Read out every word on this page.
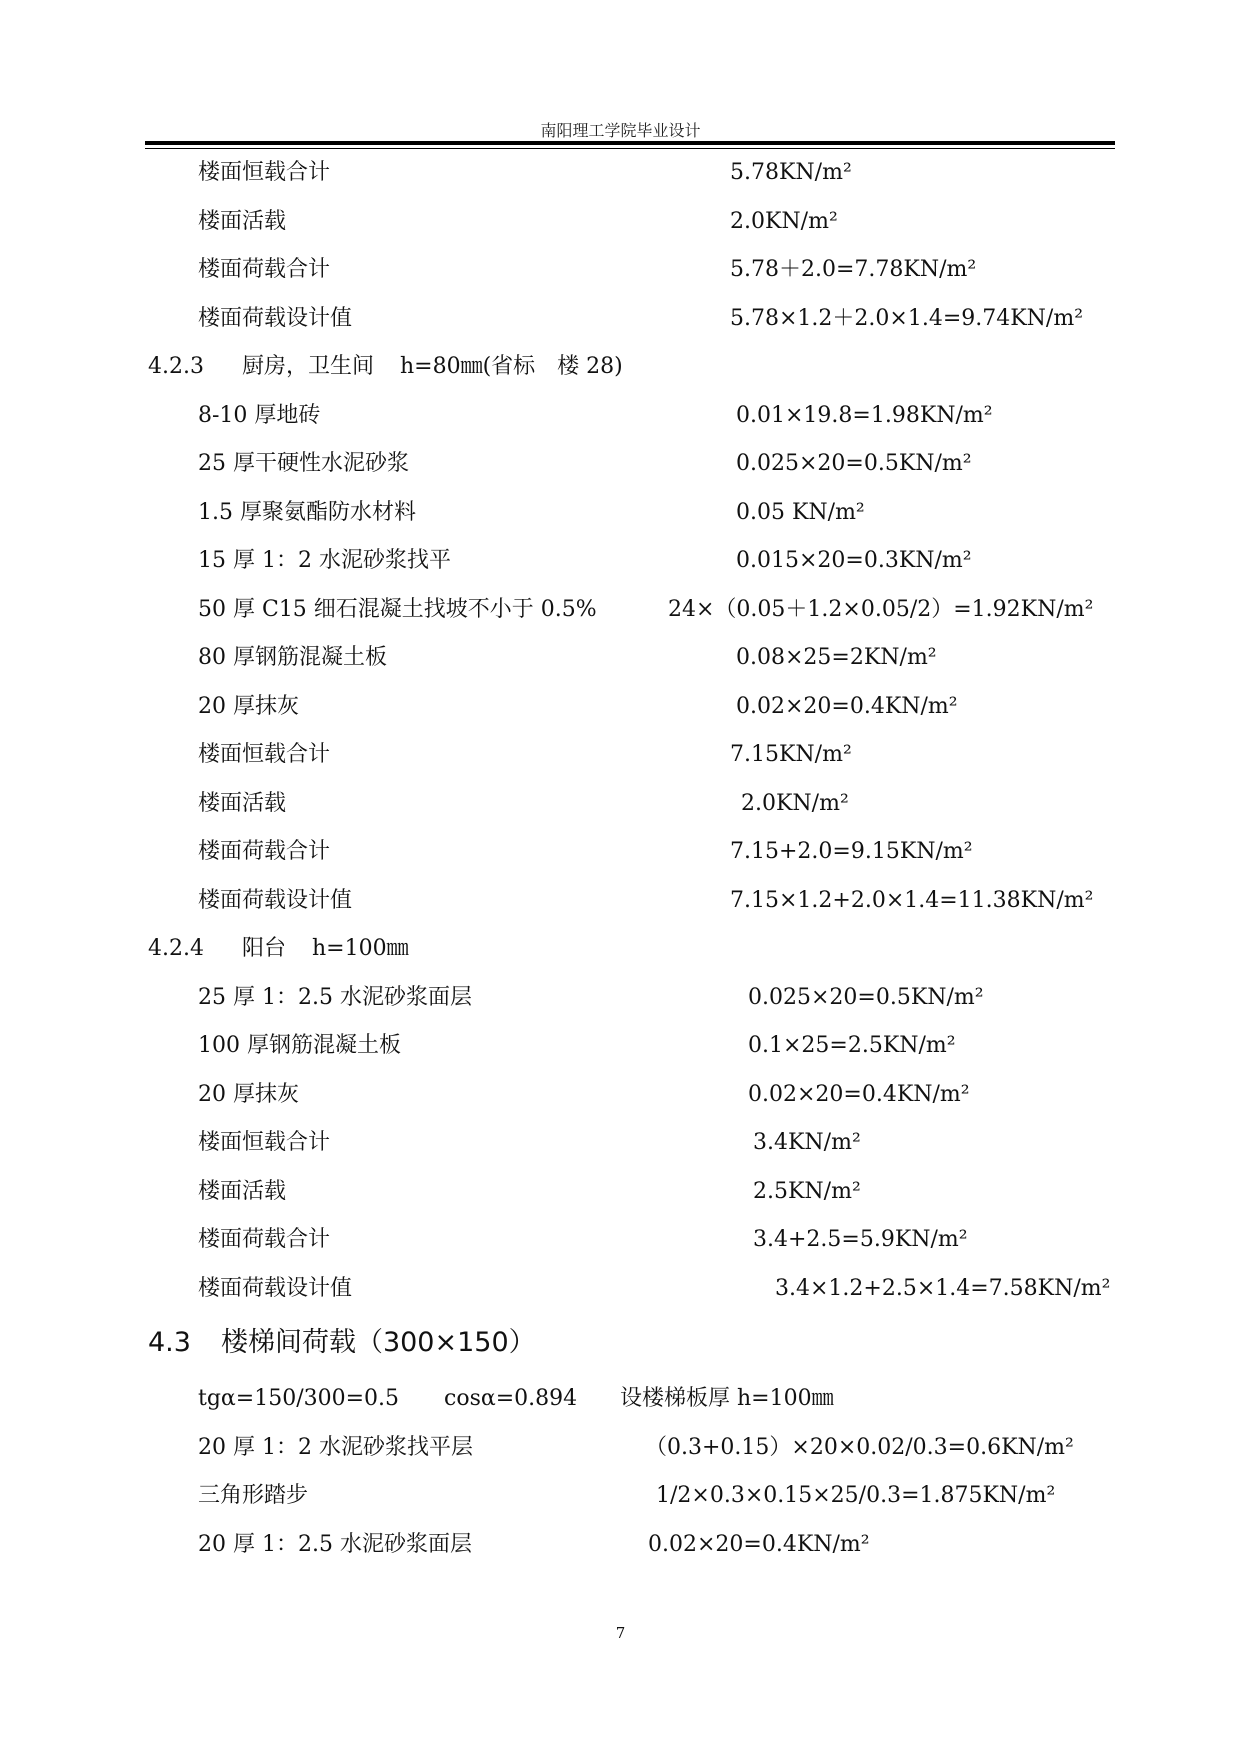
南阳理工学院毕业设计
楼面恒载合计	5.78KN/m²
楼面活载	2.0KN/m²
楼面荷载合计	5.78＋2.0=7.78KN/m²
楼面荷载设计值	5.78×1.2＋2.0×1.4=9.74KN/m²
4.2.3 厨房，卫生间 h=80㎜(省标　楼 28)
8-10 厚地砖	0.01×19.8=1.98KN/m²
25 厚干硬性水泥砂浆	0.025×20=0.5KN/m²
1.5 厚聚氨酯防水材料	0.05 KN/m²
15 厚 1：2 水泥砂浆找平	0.015×20=0.3KN/m²
50 厚 C15 细石混凝土找坡不小于 0.5%	24×（0.05＋1.2×0.05/2）=1.92KN/m²
80 厚钢筋混凝土板	0.08×25=2KN/m²
20 厚抹灰	0.02×20=0.4KN/m²
楼面恒载合计	7.15KN/m²
楼面活载	2.0KN/m²
楼面荷载合计	7.15+2.0=9.15KN/m²
楼面荷载设计值	7.15×1.2+2.0×1.4=11.38KN/m²
4.2.4 阳台 h=100㎜
25 厚 1：2.5 水泥砂浆面层	0.025×20=0.5KN/m²
100 厚钢筋混凝土板	0.1×25=2.5KN/m²
20 厚抹灰	0.02×20=0.4KN/m²
楼面恒载合计	3.4KN/m²
楼面活载	2.5KN/m²
楼面荷载合计	3.4+2.5=5.9KN/m²
楼面荷载设计值	3.4×1.2+2.5×1.4=7.58KN/m²
4.3 楼梯间荷载（300×150）
tgα=150/300=0.5 cosα=0.894 设楼梯板厚 h=100㎜
20 厚 1：2 水泥砂浆找平层	（0.3+0.15）×20×0.02/0.3=0.6KN/m²
三角形踏步	1/2×0.3×0.15×25/0.3=1.875KN/m²
20 厚 1：2.5 水泥砂浆面层	0.02×20=0.4KN/m²
7
